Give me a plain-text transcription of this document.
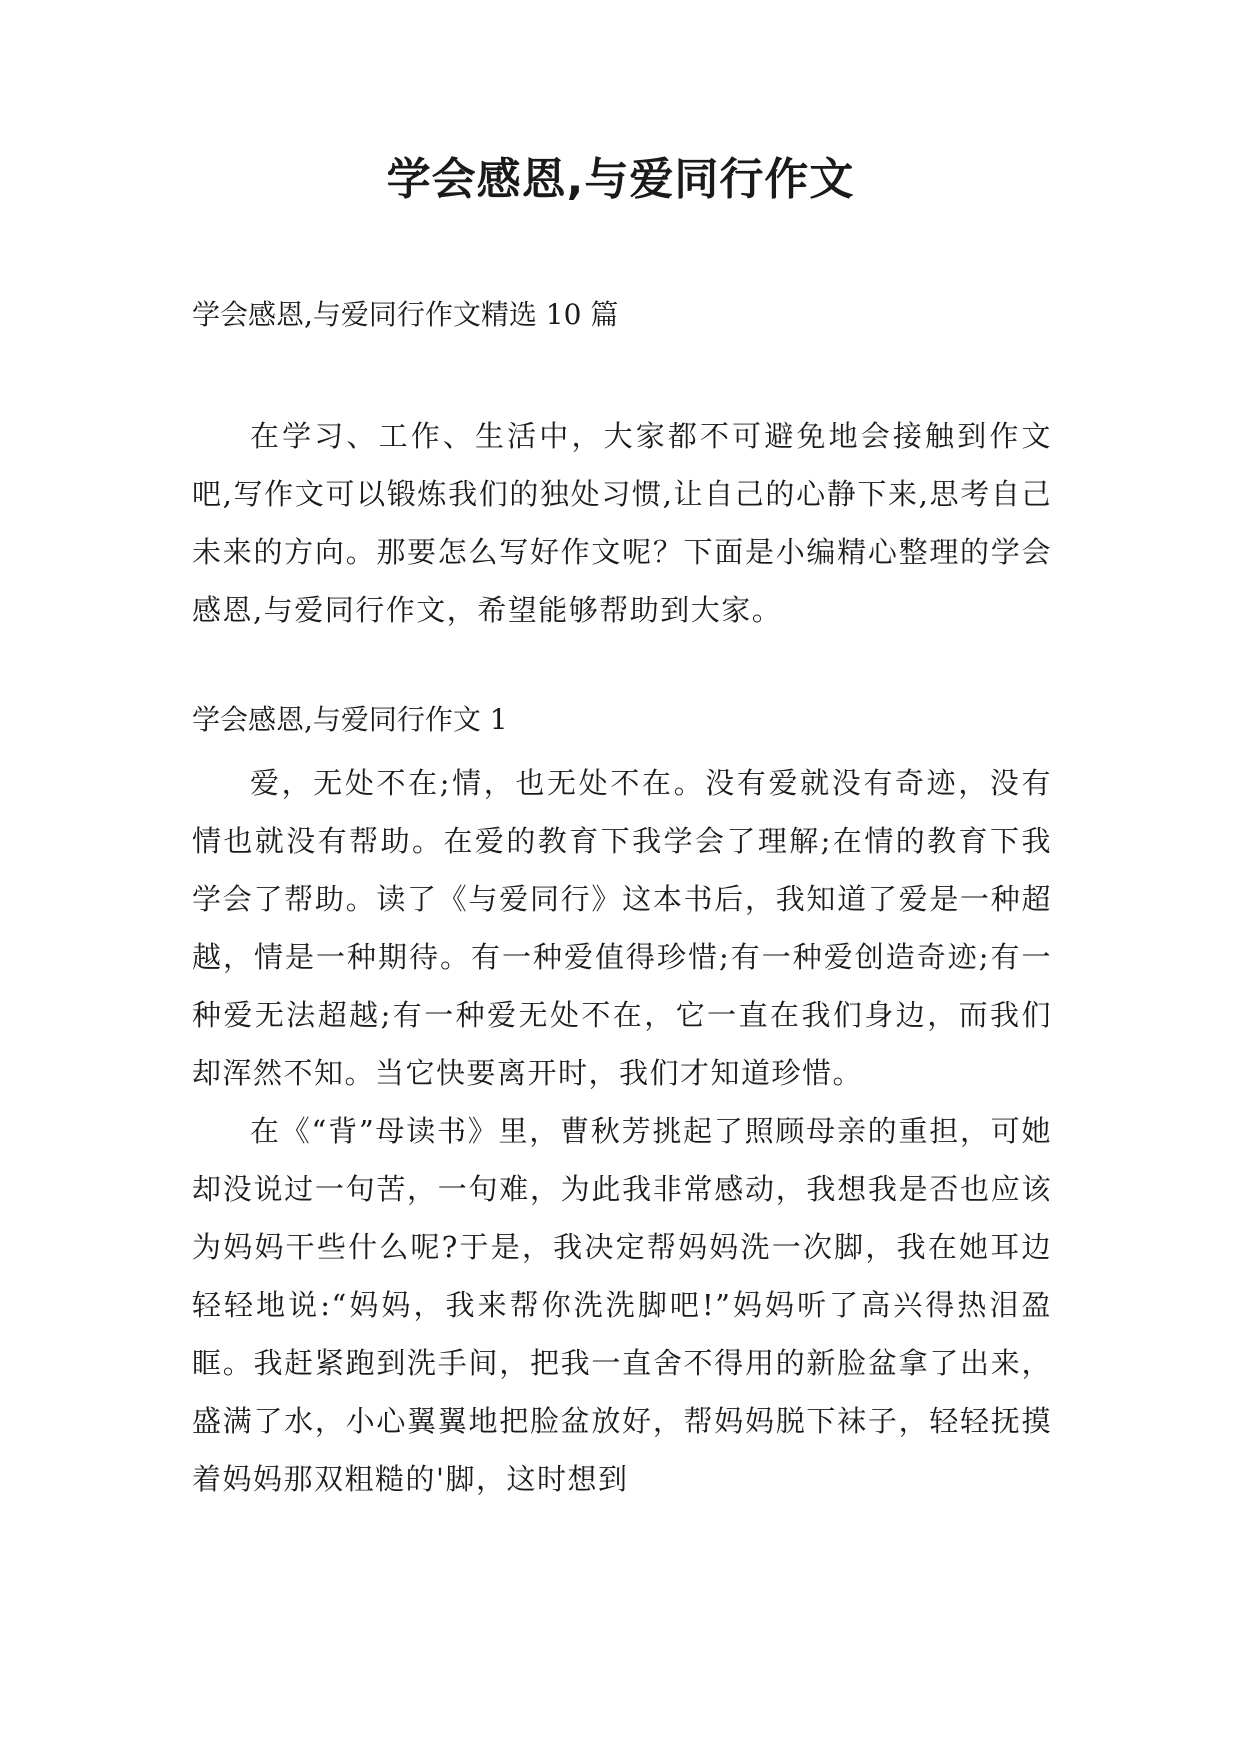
学会感恩,与爱同行作文

学会感恩,与爱同行作文精选 10 篇

在学习、工作、生活中，大家都不可避免地会接触到作文吧,写作文可以锻炼我们的独处习惯,让自己的心静下来,思考自己未来的方向。那要怎么写好作文呢？下面是小编精心整理的学会感恩,与爱同行作文，希望能够帮助到大家。

学会感恩,与爱同行作文 1

爱，无处不在;情，也无处不在。没有爱就没有奇迹，没有情也就没有帮助。在爱的教育下我学会了理解;在情的教育下我学会了帮助。读了《与爱同行》这本书后，我知道了爱是一种超越，情是一种期待。有一种爱值得珍惜;有一种爱创造奇迹;有一种爱无法超越;有一种爱无处不在，它一直在我们身边，而我们却浑然不知。当它快要离开时，我们才知道珍惜。

在《“背”母读书》里，曹秋芳挑起了照顾母亲的重担，可她却没说过一句苦，一句难，为此我非常感动，我想我是否也应该为妈妈干些什么呢?于是，我决定帮妈妈洗一次脚，我在她耳边轻轻地说:“妈妈，我来帮你洗洗脚吧!”妈妈听了高兴得热泪盈眶。我赶紧跑到洗手间，把我一直舍不得用的新脸盆拿了出来，盛满了水，小心翼翼地把脸盆放好，帮妈妈脱下袜子，轻轻抚摸着妈妈那双粗糙的'脚，这时想到
